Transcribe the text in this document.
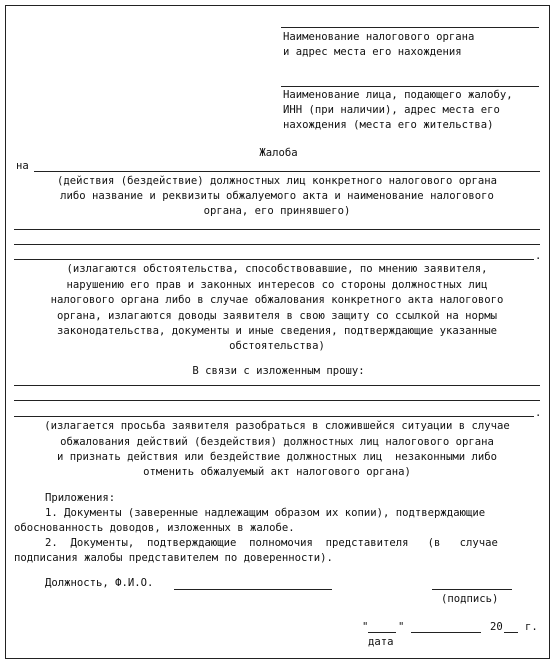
Наименование налогового органа
и адрес места его нахождения
Наименование лица, подающего жалобу,
ИНН (при наличии), адрес места его
нахождения (места его жительства)
Жалоба
на
(действия (бездействие) должностных лиц конкретного налогового органа
либо название и реквизиты обжалуемого акта и наименование налогового
органа, его принявшего)
.
(излагаются обстоятельства, способствовавшие, по мнению заявителя,
нарушению его прав и законных интересов со стороны должностных лиц
налогового органа либо в случае обжалования конкретного акта налогового
органа, излагаются доводы заявителя в свою защиту со ссылкой на нормы
законодательства, документы и иные сведения, подтверждающие указанные
обстоятельства)
В связи с изложенным прошу:
.
(излагается просьба заявителя разобраться в сложившейся ситуации в случае
обжалования действий (бездействия) должностных лиц налогового органа
и признать действия или бездействие должностных лиц  незаконными либо
отменить обжалуемый акт налогового органа)
Приложения:
1. Документы (заверенные надлежащим образом их копии), подтверждающие
обоснованность доводов, изложенных в жалобе.
2.  Документы,  подтверждающие  полномочия  представителя   (в   случае
подписания жалобы представителем по доверенности).
Должность, Ф.И.О.
(подпись)
"	"	20 г.
дата
